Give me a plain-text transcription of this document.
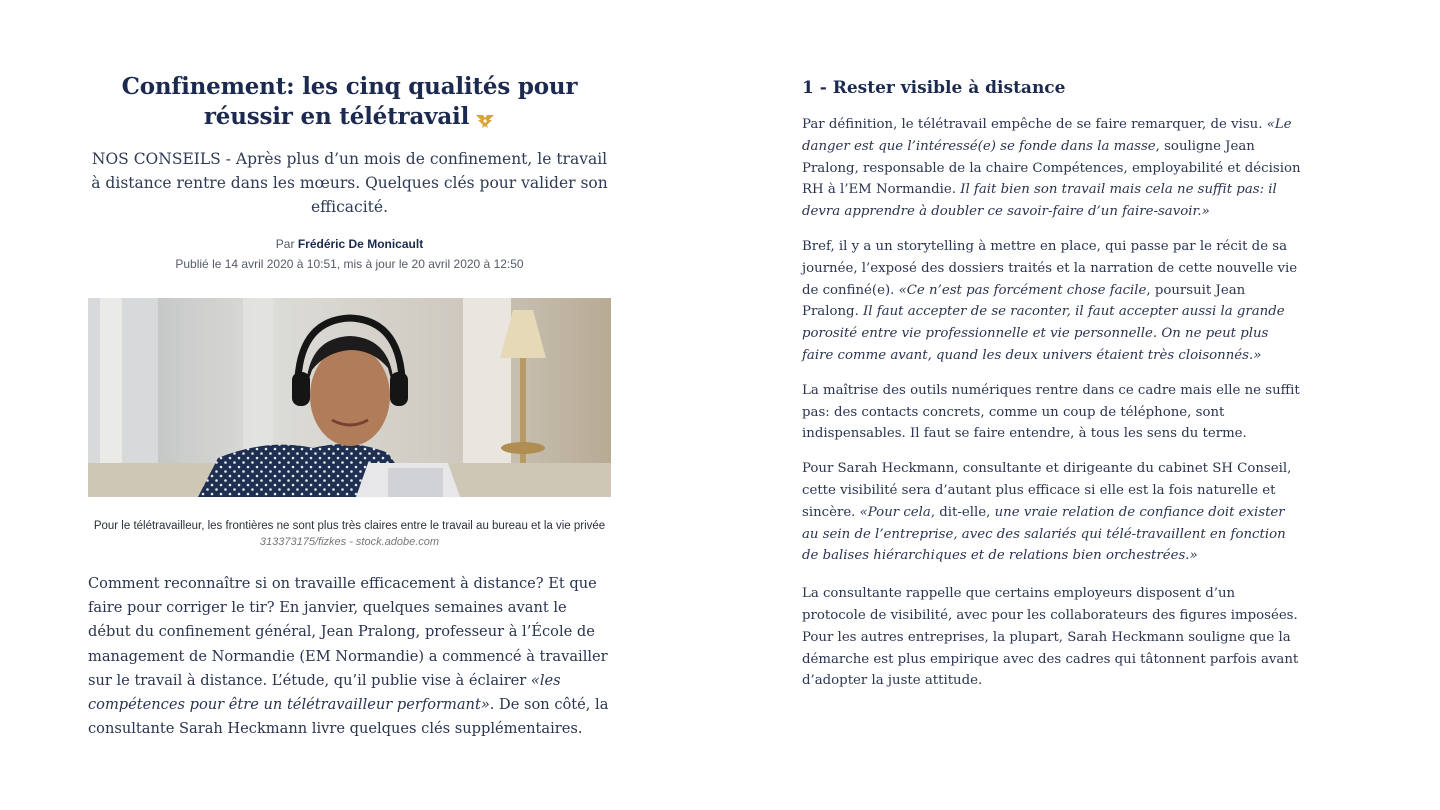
Confinement: les cinq qualités pour réussir en télétravail

NOS CONSEILS - Après plus d’un mois de confinement, le travail à distance rentre dans les mœurs. Quelques clés pour valider son efficacité.

Par Frédéric De Monicault
Publié le 14 avril 2020 à 10:51, mis à jour le 20 avril 2020 à 12:50
Pour le télétravailleur, les frontières ne sont plus très claires entre le travail au bureau et la vie privée
313373175/fizkes - stock.adobe.com

Comment reconnaître si on travaille efficacement à distance? Et que faire pour corriger le tir? En janvier, quelques semaines avant le début du confinement général, Jean Pralong, professeur à l’École de management de Normandie (EM Normandie) a commencé à travailler sur le travail à distance. L’étude, qu’il publie vise à éclairer «les compétences pour être un télétravailleur performant». De son côté, la consultante Sarah Heckmann livre quelques clés supplémentaires.

1 - Rester visible à distance

Par définition, le télétravail empêche de se faire remarquer, de visu. «Le danger est que l’intéressé(e) se fonde dans la masse, souligne Jean Pralong, responsable de la chaire Compétences, employabilité et décision RH à l’EM Normandie. Il fait bien son travail mais cela ne suffit pas: il devra apprendre à doubler ce savoir-faire d’un faire-savoir.»

Bref, il y a un storytelling à mettre en place, qui passe par le récit de sa journée, l’exposé des dossiers traités et la narration de cette nouvelle vie de confiné(e). «Ce n’est pas forcément chose facile, poursuit Jean Pralong. Il faut accepter de se raconter, il faut accepter aussi la grande porosité entre vie professionnelle et vie personnelle. On ne peut plus faire comme avant, quand les deux univers étaient très cloisonnés.»

La maîtrise des outils numériques rentre dans ce cadre mais elle ne suffit pas: des contacts concrets, comme un coup de téléphone, sont indispensables. Il faut se faire entendre, à tous les sens du terme.

Pour Sarah Heckmann, consultante et dirigeante du cabinet SH Conseil, cette visibilité sera d’autant plus efficace si elle est la fois naturelle et sincère. «Pour cela, dit-elle, une vraie relation de confiance doit exister au sein de l’entreprise, avec des salariés qui télé-travaillent en fonction de balises hiérarchiques et de relations bien orchestrées.»

La consultante rappelle que certains employeurs disposent d’un protocole de visibilité, avec pour les collaborateurs des figures imposées. Pour les autres entreprises, la plupart, Sarah Heckmann souligne que la démarche est plus empirique avec des cadres qui tâtonnent parfois avant d’adopter la juste attitude.
